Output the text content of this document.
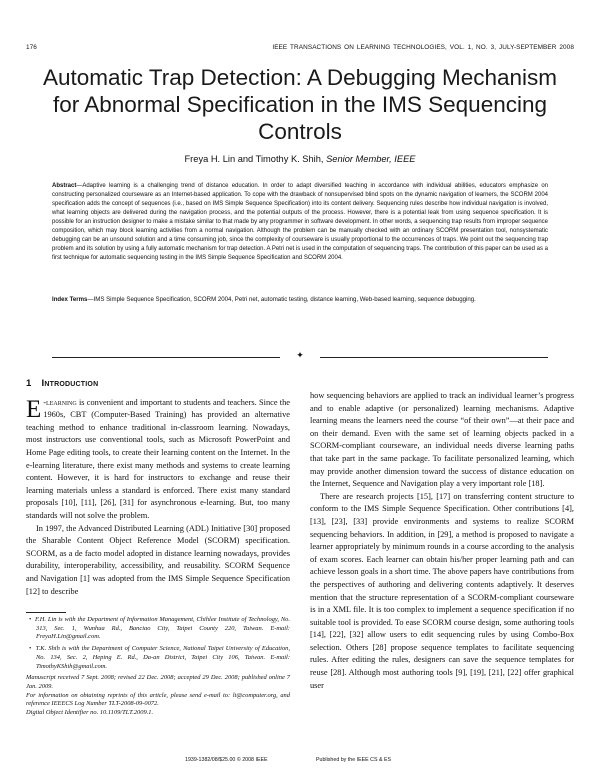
176	IEEE TRANSACTIONS ON LEARNING TECHNOLOGIES, VOL. 1, NO. 3, JULY-SEPTEMBER 2008
Automatic Trap Detection: A Debugging Mechanism for Abnormal Specification in the IMS Sequencing Controls
Freya H. Lin and Timothy K. Shih, Senior Member, IEEE
Abstract—Adaptive learning is a challenging trend of distance education. In order to adapt diversified teaching in accordance with individual abilities, educators emphasize on constructing personalized courseware as an Internet-based application. To cope with the drawback of nonsupervised blind spots on the dynamic navigation of learners, the SCORM 2004 specification adds the concept of sequences (i.e., based on IMS Simple Sequence Specification) into its content delivery. Sequencing rules describe how individual navigation is involved, what learning objects are delivered during the navigation process, and the potential outputs of the process. However, there is a potential leak from using sequence specification. It is possible for an instruction designer to make a mistake similar to that made by any programmer in software development. In other words, a sequencing trap results from improper sequence composition, which may block learning activities from a normal navigation. Although the problem can be manually checked with an ordinary SCORM presentation tool, nonsystematic debugging can be an unsound solution and a time consuming job, since the complexity of courseware is usually proportional to the occurrences of traps. We point out the sequencing trap problem and its solution by using a fully automatic mechanism for trap detection. A Petri net is used in the computation of sequencing traps. The contribution of this paper can be used as a first technique for automatic sequencing testing in the IMS Simple Sequence Specification and SCORM 2004.
Index Terms—IMS Simple Sequence Specification, SCORM 2004, Petri net, automatic testing, distance learning, Web-based learning, sequence debugging.
✦
1 Introduction

E -learning is convenient and important to students and teachers. Since the 1960s, CBT (Computer-Based Training) has provided an alternative teaching method to enhance traditional in-classroom learning. Nowadays, most instructors use conventional tools, such as Microsoft PowerPoint and Home Page editing tools, to create their learning content on the Internet. In the e-learning literature, there exist many methods and systems to create learning content. However, it is hard for instructors to exchange and reuse their learning materials unless a standard is enforced. There exist many standard proposals [10], [11], [26], [31] for asynchronous e-learning. But, too many standards will not solve the problem.

In 1997, the Advanced Distributed Learning (ADL) Initiative [30] proposed the Sharable Content Object Reference Model (SCORM) specification. SCORM, as a de facto model adopted in distance learning nowadays, provides durability, interoperability, accessibility, and reusability. SCORM Sequence and Navigation [1] was adopted from the IMS Simple Sequence Specification [12] to describe

•  F.H. Lin is with the Department of Information Management, Chihlee Institute of Technology, No. 313, Sec. 1, Wunhua Rd., Banciao City, Taipei County 220, Taiwan. E-mail: FreyaH.Lin@gmail.com.

•  T.K. Shih is with the Department of Computer Science, National Taipei University of Education, No. 134, Sec. 2, Heping E. Rd., Da-an District, Taipei City 106, Taiwan. E-mail: TimothyKShih@gmail.com.

Manuscript received 7 Sept. 2008; revised 22 Dec. 2008; accepted 29 Dec. 2008; published online 7 Jan. 2009.
For information on obtaining reprints of this article, please send e-mail to: lt@computer.org, and reference IEEECS Log Number TLT-2008-09-0072.
Digital Object Identifier no. 10.1109/TLT.2009.1.

how sequencing behaviors are applied to track an individual learner’s progress and to enable adaptive (or personalized) learning mechanisms. Adaptive learning means the learners need the course “of their own”—at their pace and on their demand. Even with the same set of learning objects packed in a SCORM-compliant courseware, an individual needs diverse learning paths that take part in the same package. To facilitate personalized learning, which may provide another dimension toward the success of distance education on the Internet, Sequence and Navigation play a very important role [18].

There are research projects [15], [17] on transferring content structure to conform to the IMS Simple Sequence Specification. Other contributions [4], [13], [23], [33] provide environments and systems to realize SCORM sequencing behaviors. In addition, in [29], a method is proposed to navigate a learner appropriately by minimum rounds in a course according to the analysis of exam scores. Each learner can obtain his/her proper learning path and can achieve lesson goals in a short time. The above papers have contributions from the perspectives of authoring and delivering contents adaptively. It deserves mention that the structure representation of a SCORM-compliant courseware is in a XML file. It is too complex to implement a sequence specification if no suitable tool is provided. To ease SCORM course design, some authoring tools [14], [22], [32] allow users to edit sequencing rules by using Combo-Box selection. Others [28] propose sequence templates to facilitate sequencing rules. After editing the rules, designers can save the sequence templates for reuse [28]. Although most authoring tools [9], [19], [21], [22] offer graphical user

1939-1382/08/$25.00 © 2008 IEEE	Published by the IEEE CS & ES
